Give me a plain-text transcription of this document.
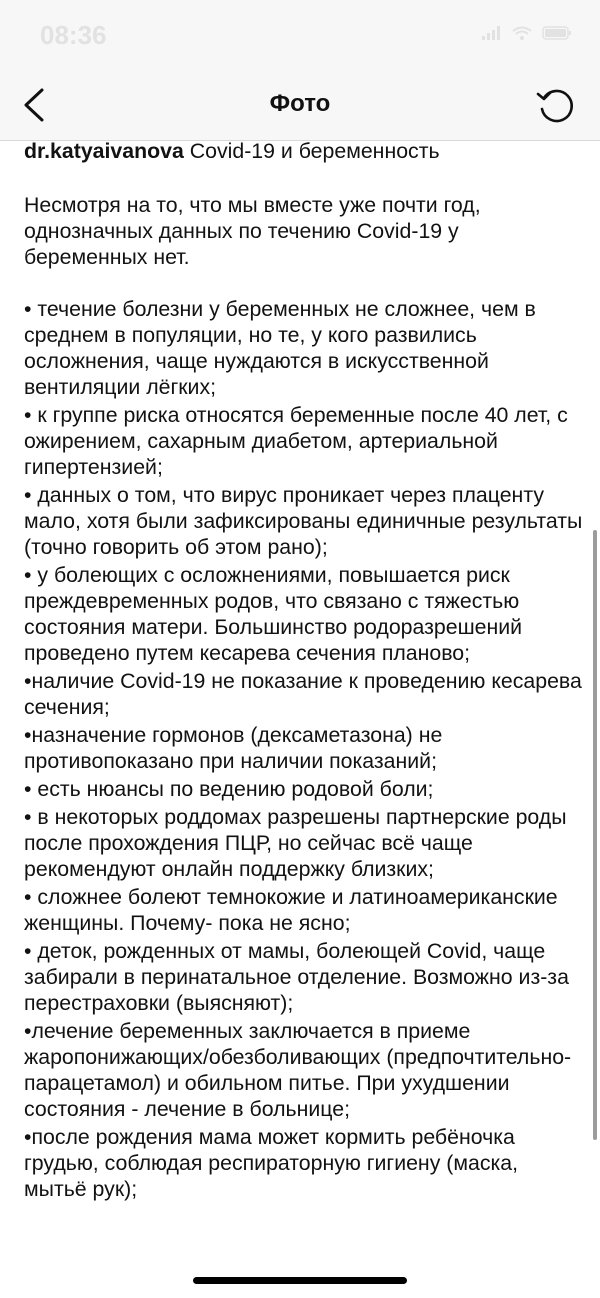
08:36
Фото

dr.katyaivanova Covid-19 и беременность

Несмотря на то, что мы вместе уже почти год, однозначных данных по течению Covid-19 у беременных нет.

• течение болезни у беременных не сложнее, чем в среднем в популяции, но те, у кого развились осложнения, чаще нуждаются в искусственной вентиляции лёгких;

• к группе риска относятся беременные после 40 лет, с ожирением, сахарным диабетом, артериальной гипертензией;

• данных о том, что вирус проникает через плаценту мало, хотя были зафиксированы единичные результаты (точно говорить об этом рано);

• у болеющих с осложнениями, повышается риск преждевременных родов, что связано с тяжестью состояния матери. Большинство родоразрешений проведено путем кесарева сечения планово;

•наличие Covid-19 не показание к проведению кесарева сечения;

•назначение гормонов (дексаметазона) не противопоказано при наличии показаний;

• есть нюансы по ведению родовой боли;

• в некоторых роддомах разрешены партнерские роды после прохождения ПЦР, но сейчас всё чаще рекомендуют онлайн поддержку близких;

• сложнее болеют темнокожие и латиноамериканские женщины. Почему- пока не ясно;

• деток, рожденных от мамы, болеющей Covid, чаще забирали в перинатальное отделение. Возможно из-за перестраховки (выясняют);

•лечение беременных заключается в приеме жаропонижающих/обезболивающих (предпочтительно-парацетамол) и обильном питье. При ухудшении состояния - лечение в больнице;

•после рождения мама может кормить ребёночка грудью, соблюдая респираторную гигиену (маска, мытьё рук);
